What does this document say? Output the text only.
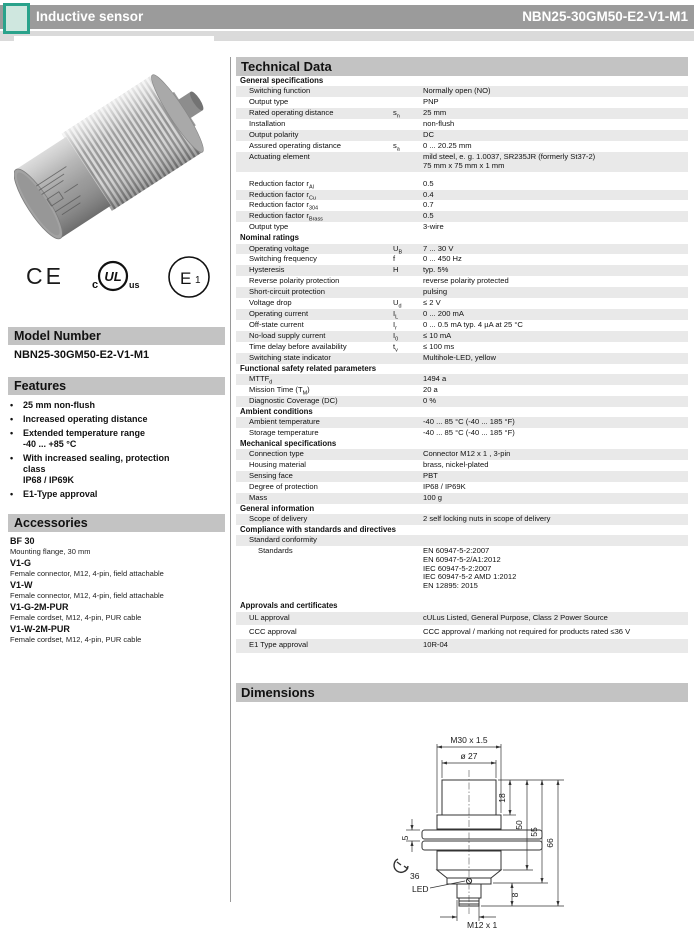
Inductive sensor	NBN25-30GM50-E2-V1-M1
CE	UL
c	us E 1
Model Number
NBN25-30GM50-E2-V1-M1
Features
•
25 mm non-flush
•
Increased operating distance
•
Extended temperature range
-40 ... +85 °C
•
With increased sealing, protection
class
IP68 / IP69K
•
E1-Type approval
Accessories
BF 30
Mounting flange, 30 mm
V1-G
Female connector, M12, 4-pin, field attachable
V1-W
Female connector, M12, 4-pin, field attachable
V1-G-2M-PUR
Female cordset, M12, 4-pin, PUR cable
V1-W-2M-PUR
Female cordset, M12, 4-pin, PUR cable
Technical Data
General specifications
Switching function	Normally open (NO)
Output type	PNP
Rated operating distance	$s_n$	25 mm
Installation	non-flush
Output polarity	DC
Assured operating distance	$s_a$	0 ... 20.25 mm
Actuating element	mild steel, e. g. 1.0037, SR235JR (formerly St37-2)
75 mm x 75 mm x 1 mm
Reduction factor $r_{Al}$	0.5
Reduction factor $r_{Cu}$	0.4
Reduction factor $r_{304}$	0.7
Reduction factor $r_{Brass}$	0.5
Output type	3-wire
Nominal ratings
Operating voltage	$U_B$	7 ... 30 V
Switching frequency	f	0 ... 450 Hz
Hysteresis	H	typ. 5%
Reverse polarity protection	reverse polarity protected
Short-circuit protection	pulsing
Voltage drop	$U_d$	≤ 2 V
Operating current	$I_L$	0 ... 200 mA
Off-state current	$I_r$	0 ... 0.5 mA typ. 4 µA at 25 °C
No-load supply current	$I_0$	≤ 10 mA
Time delay before availability	$t_v$	≤ 100 ms
Switching state indicator	Multihole-LED, yellow
Functional safety related parameters
$MTTF_d$	1494 a
Mission Time $(T_M)$	20 a
Diagnostic Coverage (DC)	0 %
Ambient conditions
Ambient temperature	-40 ... 85 °C (-40 ... 185 °F)
Storage temperature	-40 ... 85 °C (-40 ... 185 °F)
Mechanical specifications
Connection type	Connector M12 x 1 , 3-pin
Housing material	brass, nickel-plated
Sensing face	PBT
Degree of protection	IP68 / IP69K
Mass	100 g
General information
Scope of delivery	2 self locking nuts in scope of delivery
Compliance with standards and directives
Standard conformity
Standards	EN 60947-5-2:2007
EN 60947-5-2/A1:2012
IEC 60947-5-2:2007
IEC 60947-5-2 AMD 1:2012
EN 12895: 2015
Approvals and certificates
UL approval	cULus Listed, General Purpose, Class 2 Power Source
CCC approval	CCC approval / marking not required for products rated ≤36 V
E1 Type approval	10R-04
Dimensions
M30 x 1.5
ø 27
18
50
55
66
8
5
36
LED
M12 x 1
